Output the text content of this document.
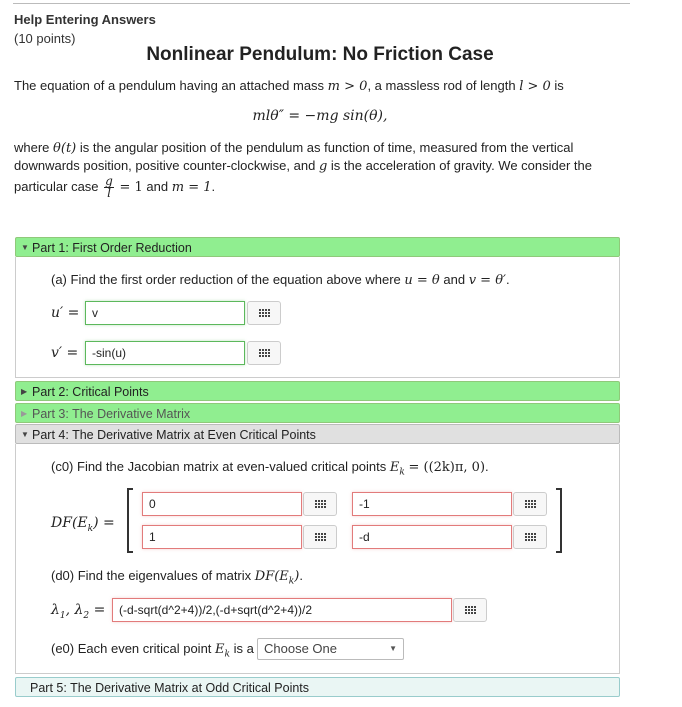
Help Entering Answers
(10 points)
Nonlinear Pendulum: No Friction Case
The equation of a pendulum having an attached mass m > 0, a massless rod of length l > 0 is
mlθ″ = −mg sin(θ),
where θ(t) is the angular position of the pendulum as function of time, measured from the vertical
downwards position, positive counter-clockwise, and g is the acceleration of gravity. We consider the
particular case $\frac{g}{l} = 1$ and m = 1.
▼ Part 1: First Order Reduction
(a) Find the first order reduction of the equation above where u = θ and v = θ′.
u′ =	v
v′ =	-sin(u)
▶ Part 2: Critical Points
▶ Part 3: The Derivative Matrix
▼ Part 4: The Derivative Matrix at Even Critical Points
(c0) Find the Jacobian matrix at even-valued critical points $E_k = ((2k)\pi$, 0).
$DF(E_k)$ =
0	-1
1	-d
(d0) Find the eigenvalues of matrix $DF(E_k)$.
$\lambda_1$, $\lambda_2$ =	(-d-sqrt(d^2+4))/2,(-d+sqrt(d^2+4))/2
(e0) Each even critical point $E_k$ is a Choose One	▼
Part 5: The Derivative Matrix at Odd Critical Points
